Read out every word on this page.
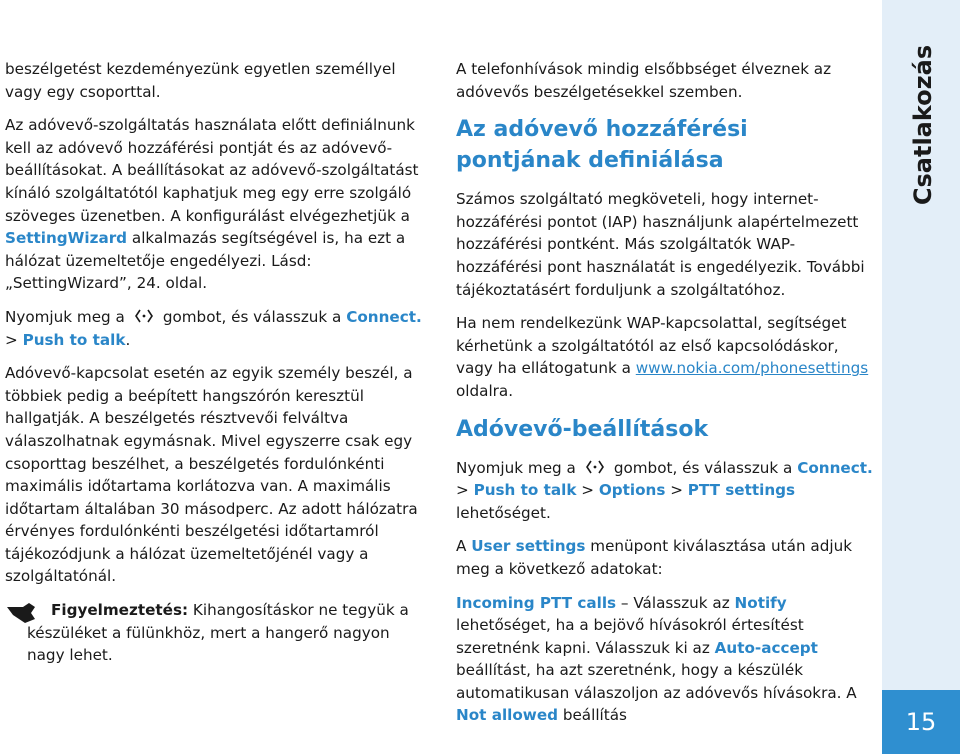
beszélgetést kezdeményezünk egyetlen személlyel vagy egy csoporttal.

Az adóvevő-szolgáltatás használata előtt definiálnunk kell az adóvevő hozzáférési pontját és az adóvevő-beállításokat. A beállításokat az adóvevő-szolgáltatást kínáló szolgáltatótól kaphatjuk meg egy erre szolgáló szöveges üzenetben. A konfigurálást elvégezhetjük a SettingWizard alkalmazás segítségével is, ha ezt a hálózat üzemeltetője engedélyezi. Lásd: „SettingWizard”, 24. oldal.

Nyomjuk meg a	gombot, és válasszuk a Connect. > Push to talk.

Adóvevő-kapcsolat esetén az egyik személy beszél, a többiek pedig a beépített hangszórón keresztül hallgatják. A beszélgetés résztvevői felváltva válaszolhatnak egymásnak. Mivel egyszerre csak egy csoporttag beszélhet, a beszélgetés fordulónkénti maximális időtartama korlátozva van. A maximális időtartam általában 30 másodperc. Az adott hálózatra érvényes fordulónkénti beszélgetési időtartamról tájékozódjunk a hálózat üzemeltetőjénél vagy a szolgáltatónál.

Figyelmeztetés: Kihangosításkor ne tegyük a készüléket a fülünkhöz, mert a hangerő nagyon nagy lehet.

A telefonhívások mindig elsőbbséget élveznek az adóvevős beszélgetésekkel szemben.

Az adóvevő hozzáférési pontjának definiálása

Számos szolgáltató megköveteli, hogy internet-hozzáférési pontot (IAP) használjunk alapértelmezett hozzáférési pontként. Más szolgáltatók WAP-hozzáférési pont használatát is engedélyezik. További tájékoztatásért forduljunk a szolgáltatóhoz.

Ha nem rendelkezünk WAP-kapcsolattal, segítséget kérhetünk a szolgáltatótól az első kapcsolódáskor, vagy ha ellátogatunk a www.nokia.com/phonesettings oldalra.

Adóvevő-beállítások

Nyomjuk meg a	gombot, és válasszuk a Connect. > Push to talk > Options > PTT settings lehetőséget.

A User settings menüpont kiválasztása után adjuk meg a következő adatokat:

Incoming PTT calls – Válasszuk az Notify lehetőséget, ha a bejövő hívásokról értesítést szeretnénk kapni. Válasszuk ki az Auto-accept beállítást, ha azt szeretnénk, hogy a készülék automatikusan válaszoljon az adóvevős hívásokra. A Not allowed beállítás

Csatlakozás
15
